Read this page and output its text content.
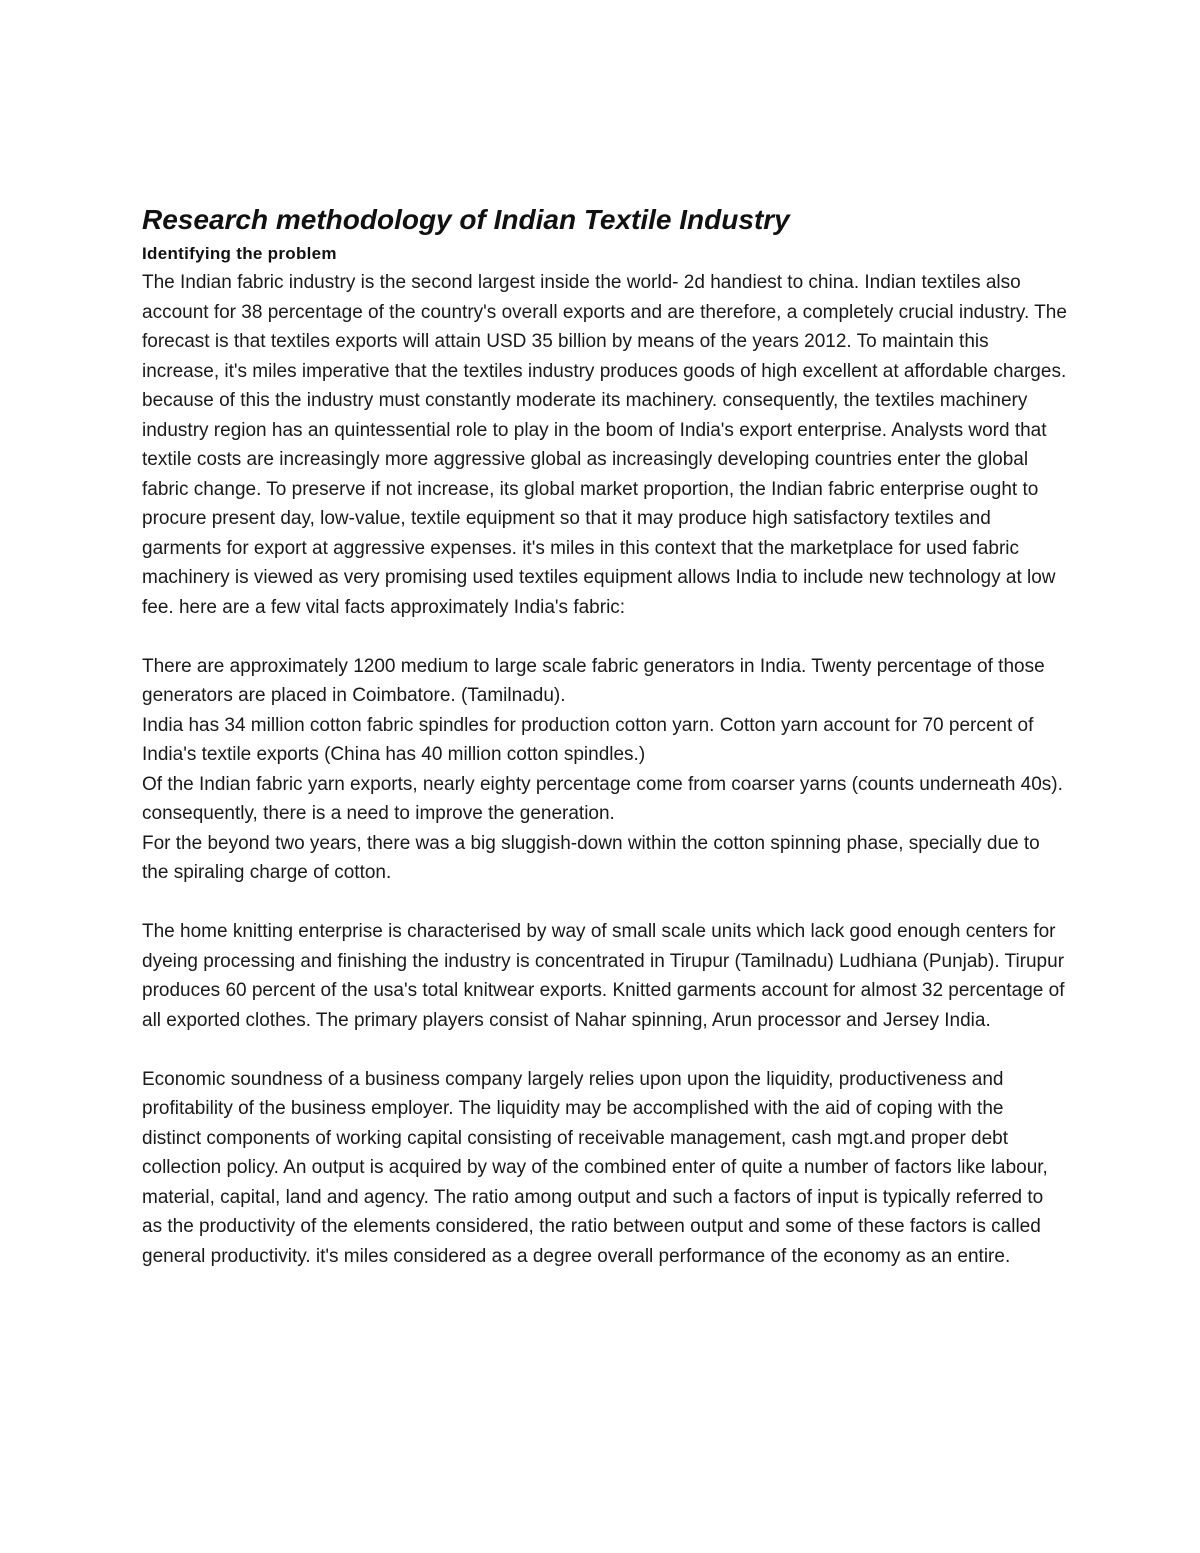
Research methodology of Indian Textile Industry
Identifying the problem

The Indian fabric industry is the second largest inside the world- 2d handiest to china. Indian textiles also account for 38 percentage of the country's overall exports and are therefore, a completely crucial industry. The forecast is that textiles exports will attain USD 35 billion by means of the years 2012. To maintain this increase, it's miles imperative that the textiles industry produces goods of high excellent at affordable charges. because of this the industry must constantly moderate its machinery. consequently, the textiles machinery industry region has an quintessential role to play in the boom of India's export enterprise. Analysts word that textile costs are increasingly more aggressive global as increasingly developing countries enter the global fabric change. To preserve if not increase, its global market proportion, the Indian fabric enterprise ought to procure present day, low-value, textile equipment so that it may produce high satisfactory textiles and garments for export at aggressive expenses. it's miles in this context that the marketplace for used fabric machinery is viewed as very promising used textiles equipment allows India to include new technology at low fee. here are a few vital facts approximately India's fabric:

There are approximately 1200 medium to large scale fabric generators in India. Twenty percentage of those generators are placed in Coimbatore. (Tamilnadu).

India has 34 million cotton fabric spindles for production cotton yarn. Cotton yarn account for 70 percent of India's textile exports (China has 40 million cotton spindles.)

Of the Indian fabric yarn exports, nearly eighty percentage come from coarser yarns (counts underneath 40s). consequently, there is a need to improve the generation.

For the beyond two years, there was a big sluggish-down within the cotton spinning phase, specially due to the spiraling charge of cotton.

The home knitting enterprise is characterised by way of small scale units which lack good enough centers for dyeing processing and finishing the industry is concentrated in Tirupur (Tamilnadu) Ludhiana (Punjab). Tirupur produces 60 percent of the usa's total knitwear exports. Knitted garments account for almost 32 percentage of all exported clothes. The primary players consist of Nahar spinning, Arun processor and Jersey India.

Economic soundness of a business company largely relies upon upon the liquidity, productiveness and profitability of the business employer. The liquidity may be accomplished with the aid of coping with the distinct components of working capital consisting of receivable management, cash mgt.and proper debt collection policy. An output is acquired by way of the combined enter of quite a number of factors like labour, material, capital, land and agency. The ratio among output and such a factors of input is typically referred to as the productivity of the elements considered, the ratio between output and some of these factors is called general productivity. it's miles considered as a degree overall performance of the economy as an entire.
